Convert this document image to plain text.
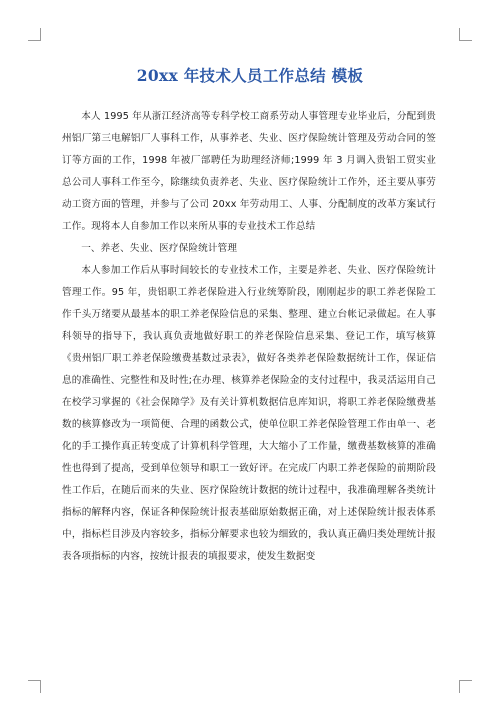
20xx 年技术人员工作总结 模板

本人 1995 年从浙江经济高等专科学校工商系劳动人事管理专业毕业后，分配到贵州铝厂第三电解铝厂人事科工作，从事养老、失业、医疗保险统计管理及劳动合同的签订等方面的工作，1998 年被厂部聘任为助理经济师;1999 年 3 月调入贵铝工贸实业总公司人事科工作至今，除继续负责养老、失业、医疗保险统计工作外，还主要从事劳动工资方面的管理，并参与了公司 20xx 年劳动用工、人事、分配制度的改革方案试行工作。现将本人自参加工作以来所从事的专业技术工作总结

一、养老、失业、医疗保险统计管理

本人参加工作后从事时间较长的专业技术工作，主要是养老、失业、医疗保险统计管理工作。95 年，贵铝职工养老保险进入行业统筹阶段，刚刚起步的职工养老保险工作千头万绪要从最基本的职工养老保险信息的采集、整理、建立台帐记录做起。在人事科领导的指导下，我认真负责地做好职工的养老保险信息采集、登记工作，填写核算《贵州铝厂职工养老保险缴费基数过录表》，做好各类养老保险数据统计工作，保证信息的准确性、完整性和及时性;在办理、核算养老保险金的支付过程中，我灵活运用自己在校学习掌握的《社会保障学》及有关计算机数据信息库知识，将职工养老保险缴费基数的核算修改为一项简便、合理的函数公式，使单位职工养老保险管理工作由单一、老化的手工操作真正转变成了计算机科学管理，大大缩小了工作量，缴费基数核算的准确性也得到了提高，受到单位领导和职工一致好评。在完成厂内职工养老保险的前期阶段性工作后，在随后而来的失业、医疗保险统计数据的统计过程中，我准确理解各类统计指标的解释内容，保证各种保险统计报表基础原始数据正确，对上述保险统计报表体系中，指标栏目涉及内容较多，指标分解要求也较为细致的，我认真正确归类处理统计报表各项指标的内容，按统计报表的填报要求，使发生数据变
